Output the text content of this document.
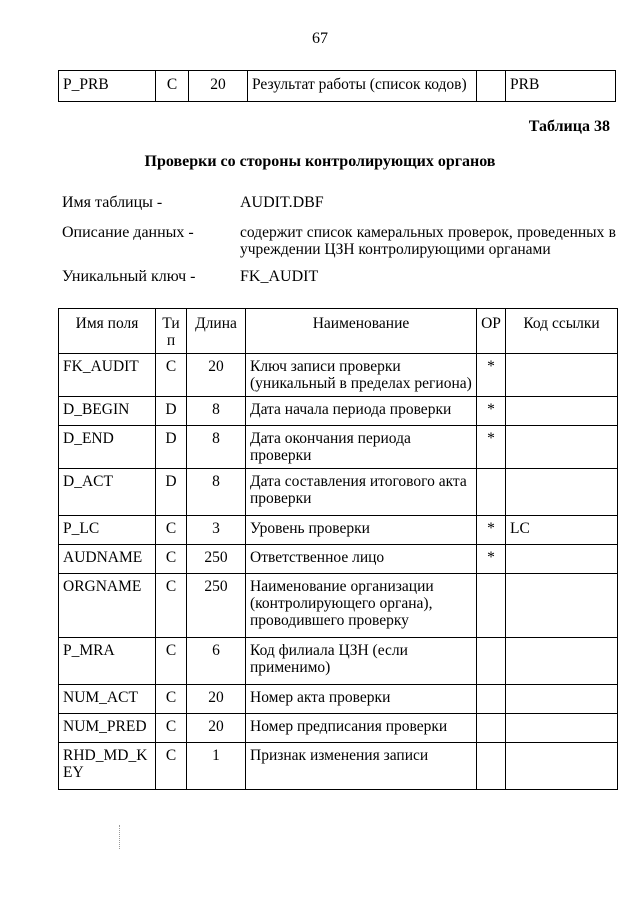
67
P_PRB	C	20	Результат работы (список кодов)		PRB
Таблица 38
Проверки со стороны контролирующих органов
Имя таблицы -	AUDIT.DBF
Описание данных -	содержит список камеральных проверок, проведенных в учреждении ЦЗН контролирующими органами
Уникальный ключ -	FK_AUDIT
Имя поля	Ти п	Длина	Наименование	ОР	Код ссылки
FK_AUDIT	C	20	Ключ записи проверки (уникальный в пределах региона)	*	
D_BEGIN	D	8	Дата начала периода проверки	*	
D_END	D	8	Дата окончания периода проверки	*	
D_ACT	D	8	Дата составления итогового акта проверки		
P_LC	C	3	Уровень проверки	*	LC
AUDNAME	C	250	Ответственное лицо	*	
ORGNAME	C	250	Наименование организации (контролирующего органа), проводившего проверку		
P_MRA	C	6	Код филиала ЦЗН (если применимо)		
NUM_ACT	C	20	Номер акта проверки		
NUM_PRED	C	20	Номер предписания проверки		
RHD_MD_KEY	C	1	Признак изменения записи		
